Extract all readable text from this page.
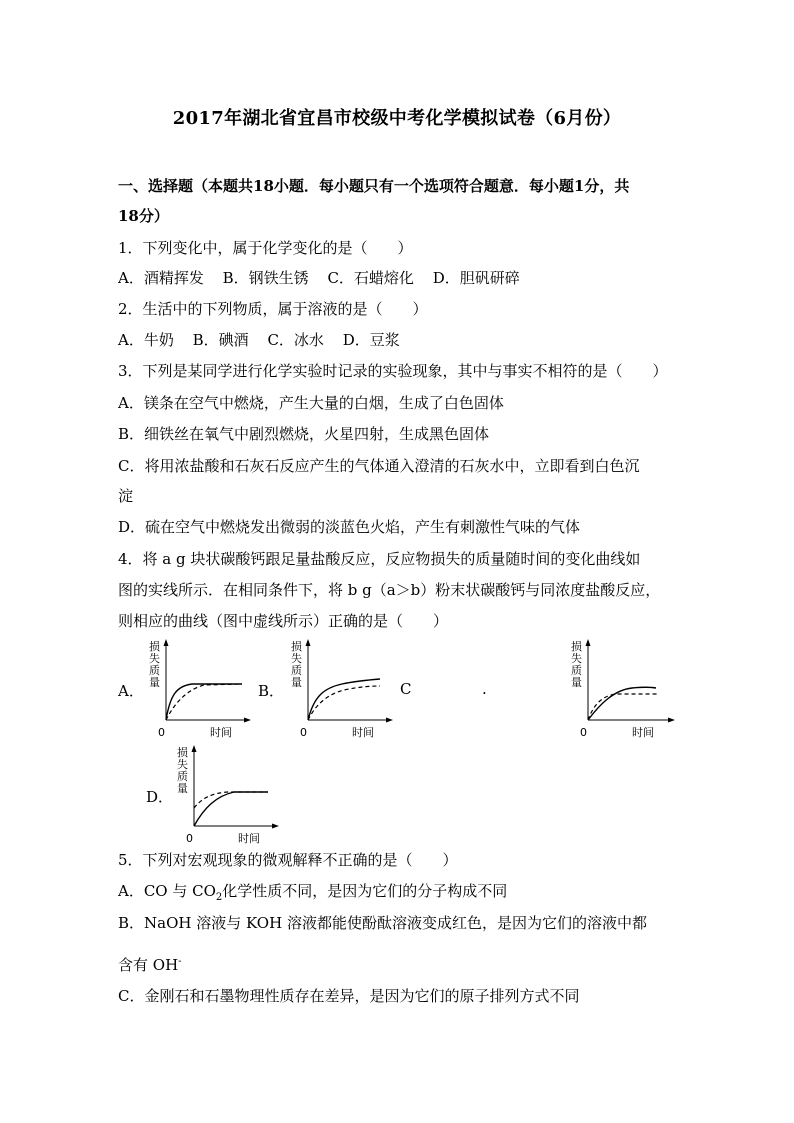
2017年湖北省宜昌市校级中考化学模拟试卷（6月份）
一、选择题（本题共18小题．每小题只有一个选项符合题意．每小题1分，共
18分）
1．下列变化中，属于化学变化的是（　　）
A．酒精挥发 B．钢铁生锈 C．石蜡熔化 D．胆矾研碎
2．生活中的下列物质，属于溶液的是（　　）
A．牛奶 B．碘酒 C．冰水 D．豆浆
3．下列是某同学进行化学实验时记录的实验现象，其中与事实不相符的是（　　）
A．镁条在空气中燃烧，产生大量的白烟，生成了白色固体
B．细铁丝在氧气中剧烈燃烧，火星四射，生成黑色固体
C．将用浓盐酸和石灰石反应产生的气体通入澄清的石灰水中，立即看到白色沉
淀
D．硫在空气中燃烧发出微弱的淡蓝色火焰，产生有刺激性气味的气体
4．将 a g 块状碳酸钙跟足量盐酸反应，反应物损失的质量随时间的变化曲线如
图的实线所示．在相同条件下，将 b g（a＞b）粉末状碳酸钙与同浓度盐酸反应，
则相应的曲线（图中虚线所示）正确的是（　　）
A．	B．	C	.
D．
损
失
质
量
0	时间
损
失
质
量
0	时间
损
失
质
量
0	时间
损
失
质
量
0	时间
5．下列对宏观现象的微观解释不正确的是（　　）
A．CO 与 $CO_2$化学性质不同，是因为它们的分子构成不同
B．NaOH 溶液与 KOH 溶液都能使酚酞溶液变成红色，是因为它们的溶液中都
含有 OH-
C．金刚石和石墨物理性质存在差异，是因为它们的原子排列方式不同
